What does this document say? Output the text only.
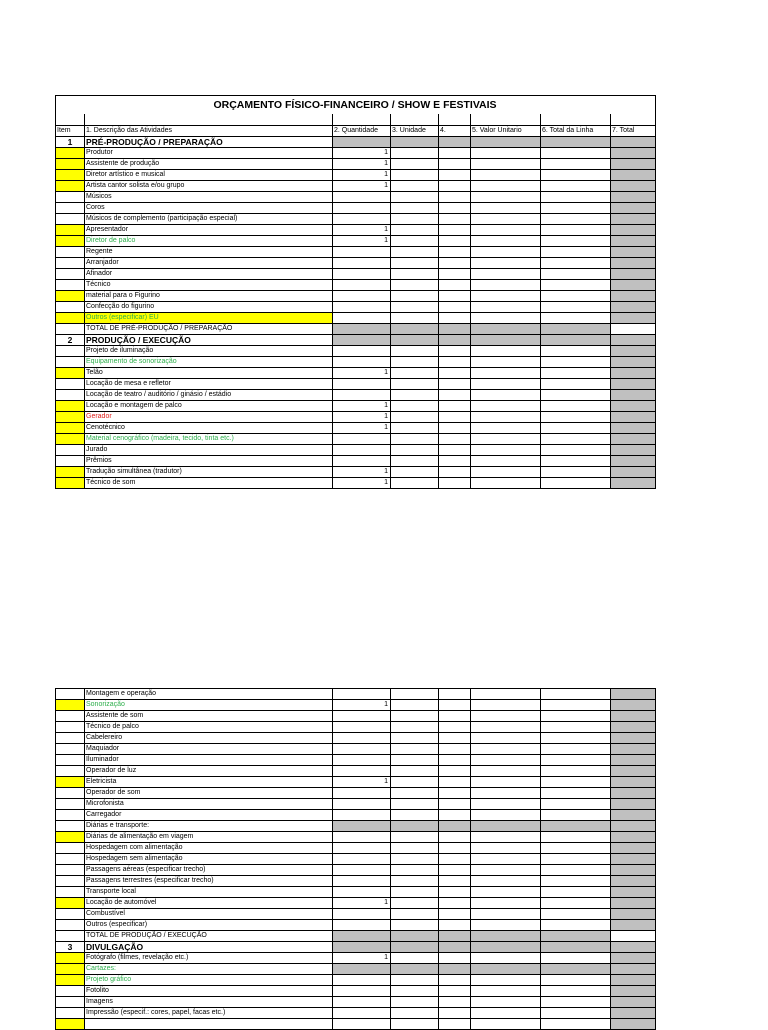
ORÇAMENTO FÍSICO-FINANCEIRO / SHOW E FESTIVAIS							

Item	1. Descrição das Atividades	2. Quantidade	3. Unidade	4.	5. Valor Unitario	6. Total da Linha	7. Total
1	PRÉ-PRODUÇÃO / PREPARAÇÃO						
	Produtor	1					
	Assistente de produção	1					
	Diretor artístico e musical	1					
	Artista cantor solista e/ou grupo	1					
	Músicos						
	Coros						
	Músicos de complemento (participação especial)						
	Apresentador	1					
	Diretor de palco	1					
	Regente						
	Arranjador						
	Afinador						
	Técnico						
	material para o Figurino						
	Confecção do figurino						
	Outros (especificar) EU						
	TOTAL DE PRÉ-PRODUÇÃO / PREPARAÇÃO						
2	PRODUÇÃO / EXECUÇÃO						
	Projeto de iluminação						
	Equipamento de sonorização						
	Telão	1					
	Locação de mesa e refletor						
	Locação de teatro / auditório / ginásio / estádio						
	Locação e montagem de palco	1					
	Gerador	1					
	Cenotécnico	1					
	Material cenográfico (madeira, tecido, tinta etc.)						
	Jurado						
	Prêmios						
	Tradução simultânea (tradutor)	1					
	Técnico de som	1					
	Montagem e operação						
	Sonorização	1					
	Assistente de som						
	Técnico de palco						
	Cabelereiro						
	Maquiador						
	Iluminador						
	Operador de luz						
	Eletricista	1					
	Operador de som						
	Microfonista						
	Carregador						
	Diárias e transporte:						
	Diárias de alimentação em viagem						
	Hospedagem com alimentação						
	Hospedagem sem alimentação						
	Passagens aéreas (especificar trecho)						
	Passagens terrestres (especificar trecho)						
	Transporte local						
	Locação de automóvel	1					
	Combustível						
	Outros (especificar)						
	TOTAL DE PRODUÇÃO / EXECUÇÃO						
3	DIVULGAÇÃO						
	Fotógrafo (filmes, revelação etc.)	1					
	Cartazes:						
	Projeto gráfico						
	Fotolito						
	Imagens						
	Impressão (especif.: cores, papel, facas etc.)						
